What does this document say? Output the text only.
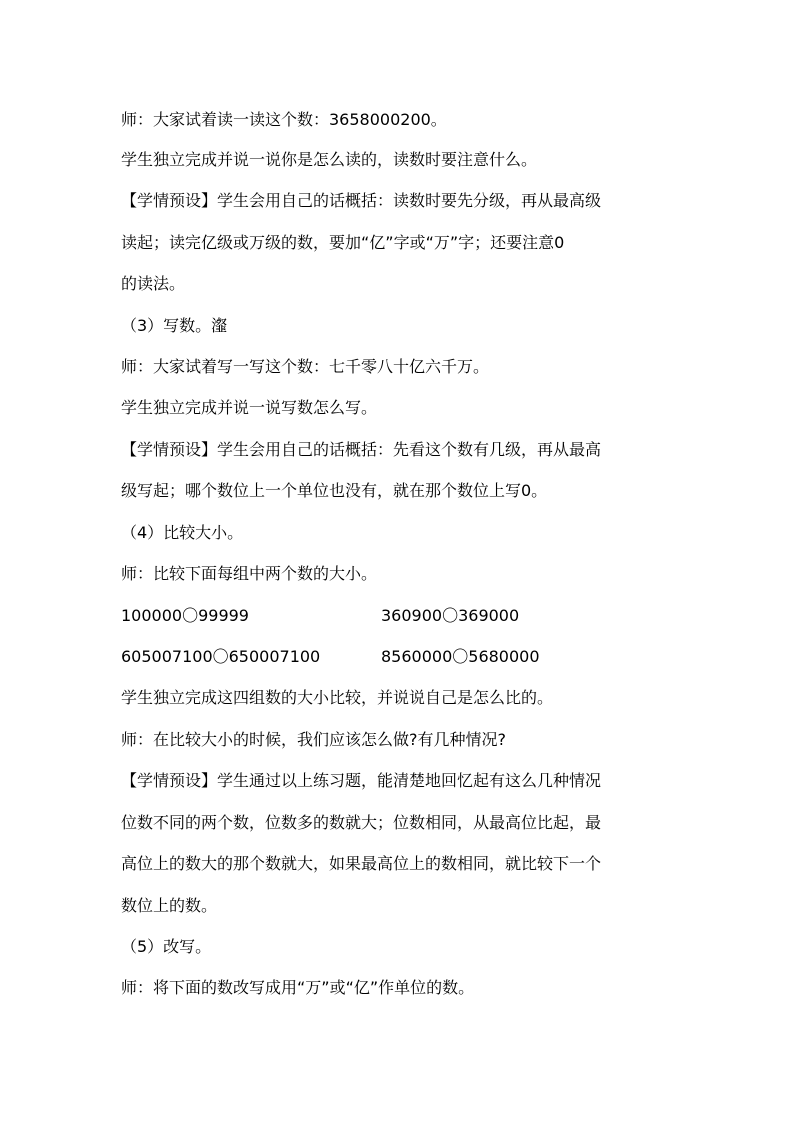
师：大家试着读一读这个数：3658000200。
学生独立完成并说一说你是怎么读的，读数时要注意什么。
【学情预设】学生会用自己的话概括：读数时要先分级，再从最高级
读起；读完亿级或万级的数，要加“亿”字或“万”字；还要注意0
的读法。
（3）写数。瀣
师：大家试着写一写这个数：七千零八十亿六千万。
学生独立完成并说一说写数怎么写。
【学情预设】学生会用自己的话概括：先看这个数有几级，再从最高
级写起；哪个数位上一个单位也没有，就在那个数位上写0。
（4）比较大小。
师：比较下面每组中两个数的大小。
100000〇99999	360900〇369000
605007100〇650007100	8560000〇5680000
学生独立完成这四组数的大小比较，并说说自己是怎么比的。
师：在比较大小的时候，我们应该怎么做?有几种情况?
【学情预设】学生通过以上练习题，能清楚地回忆起有这么几种情况
位数不同的两个数，位数多的数就大；位数相同，从最高位比起，最
高位上的数大的那个数就大，如果最高位上的数相同，就比较下一个
数位上的数。
（5）改写。
师：将下面的数改写成用“万”或“亿”作单位的数。
